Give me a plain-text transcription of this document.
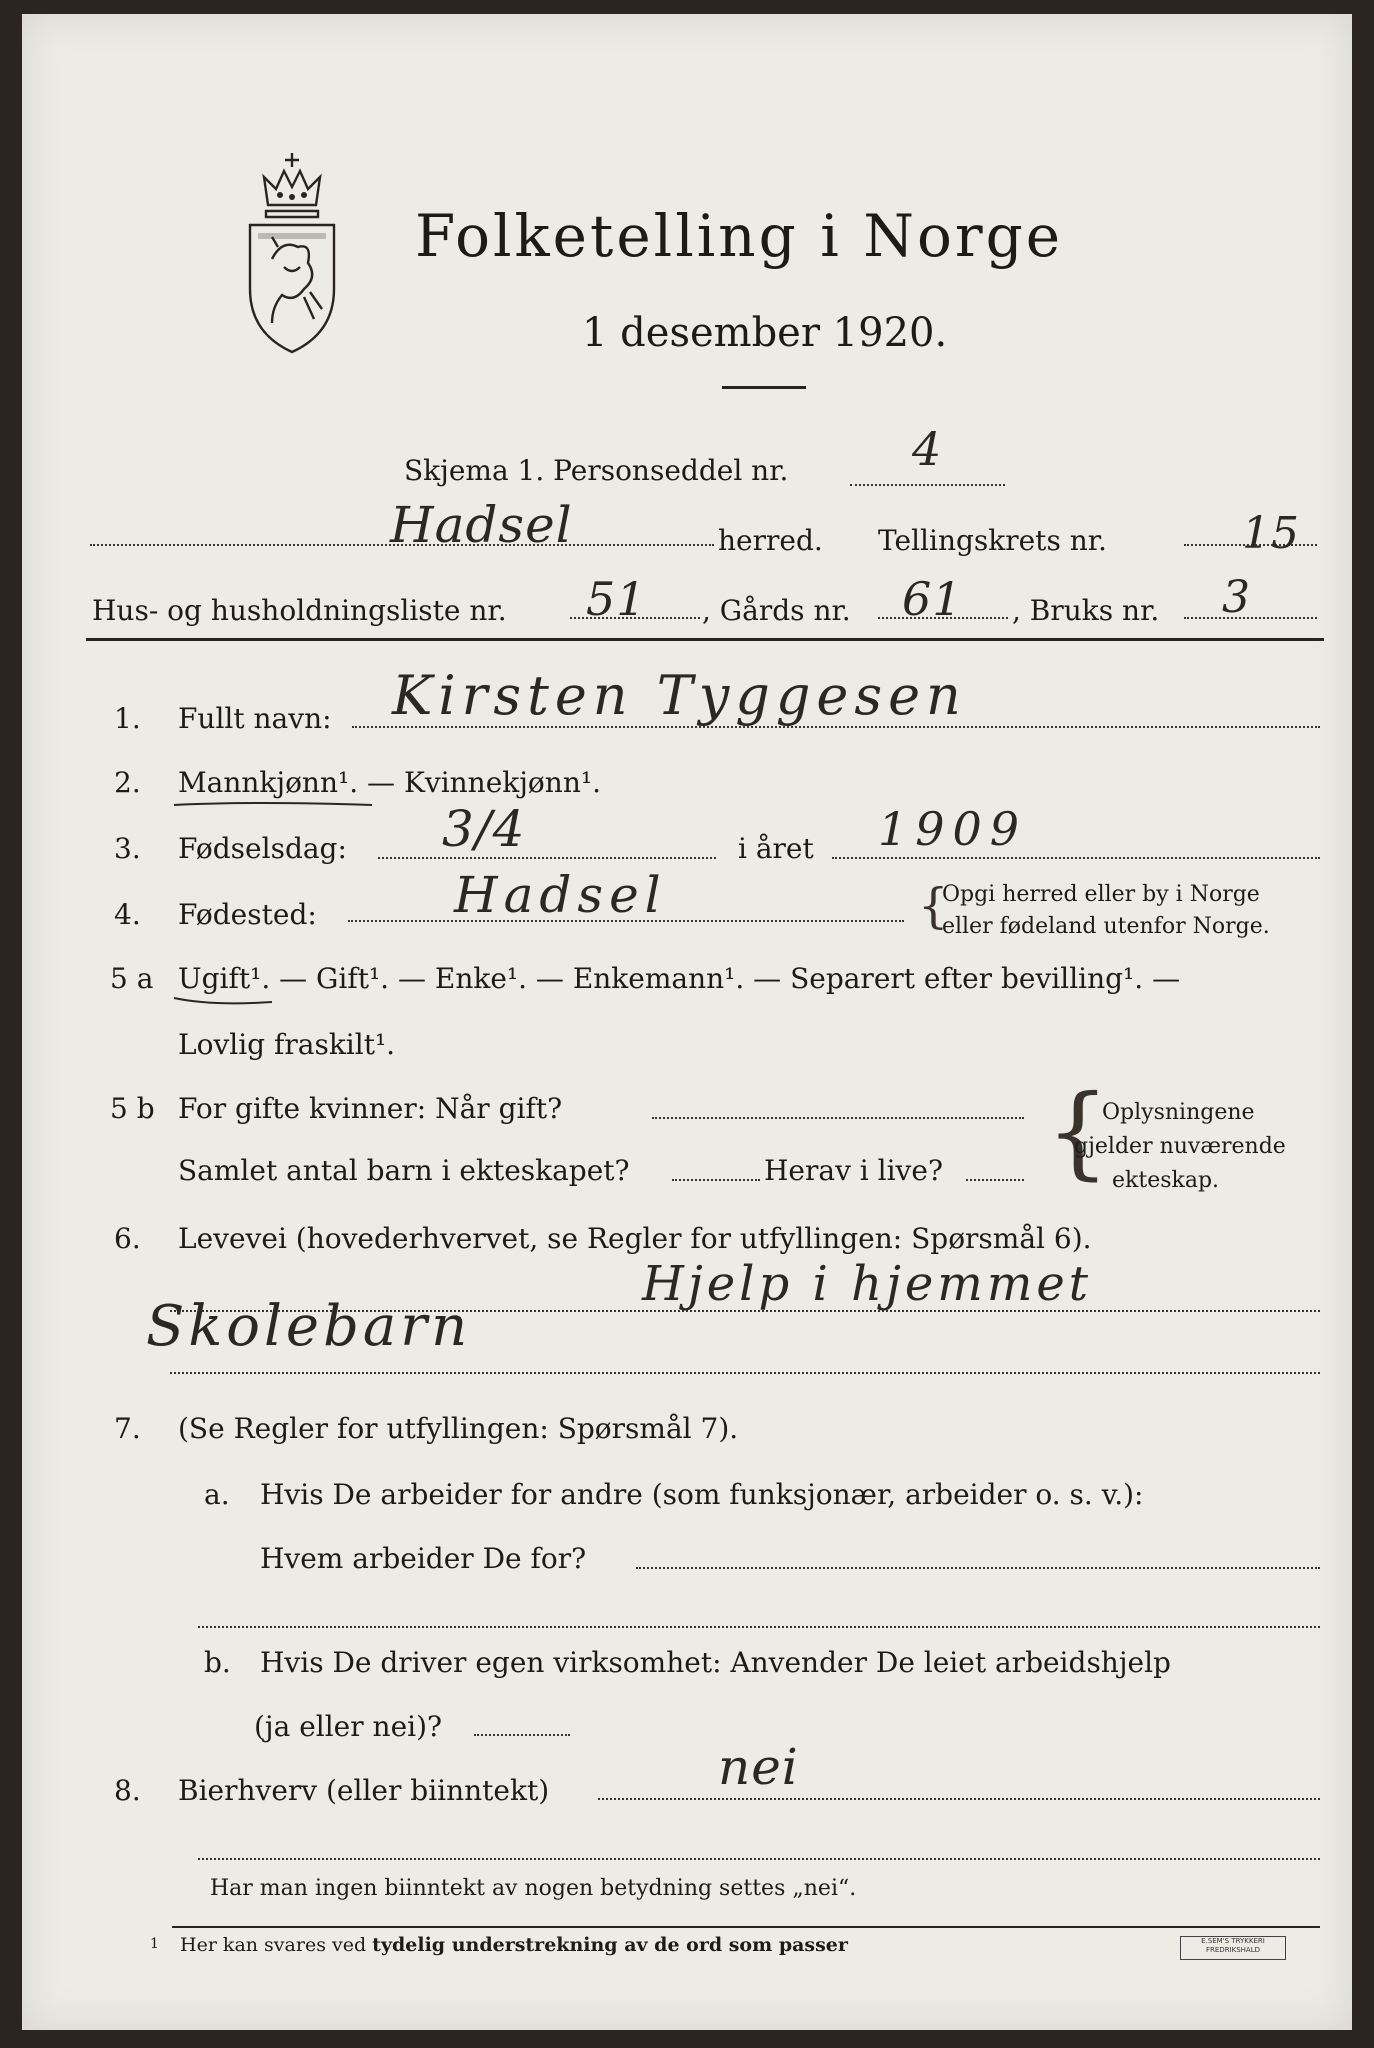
Folketelling i Norge
1 desember 1920.
Skjema 1. Personseddel nr.	4
Hadsel	herred. Tellingskrets nr.	15
Hus- og husholdningsliste nr. 51 , Gårds nr. 61 , Bruks nr. 3
1. Fullt navn: Kirsten Tyggesen
2. Mannkjønn¹. — Kvinnekjønn¹.
3. Fødselsdag: 3/4	i året 1909
4. Fødested:	Hadsel	{
Opgi herred eller by i Norge
eller fødeland utenfor Norge.
5 a Ugift¹. — Gift¹. — Enke¹. — Enkemann¹. — Separert efter bevilling¹. —
Lovlig fraskilt¹.
5 b For gifte kvinner: Når gift?
Samlet antal barn i ekteskapet?	Herav i live? {
Oplysningene
gjelder nuværende
ekteskap.
6. Levevei (hovederhvervet, se Regler for utfyllingen: Spørsmål 6).
Hjelp i hjemmet
Skolebarn
7. (Se Regler for utfyllingen: Spørsmål 7).
a. Hvis De arbeider for andre (som funksjonær, arbeider o. s. v.):
Hvem arbeider De for?
b. Hvis De driver egen virksomhet: Anvender De leiet arbeidshjelp
(ja eller nei)?
8. Bierhverv (eller biinntekt)	nei
Har man ingen biinntekt av nogen betydning settes „nei“.
1 Her kan svares ved tydelig understrekning av de ord som passer	E.SEM'S TRYKKERI
FREDRIKSHALD
